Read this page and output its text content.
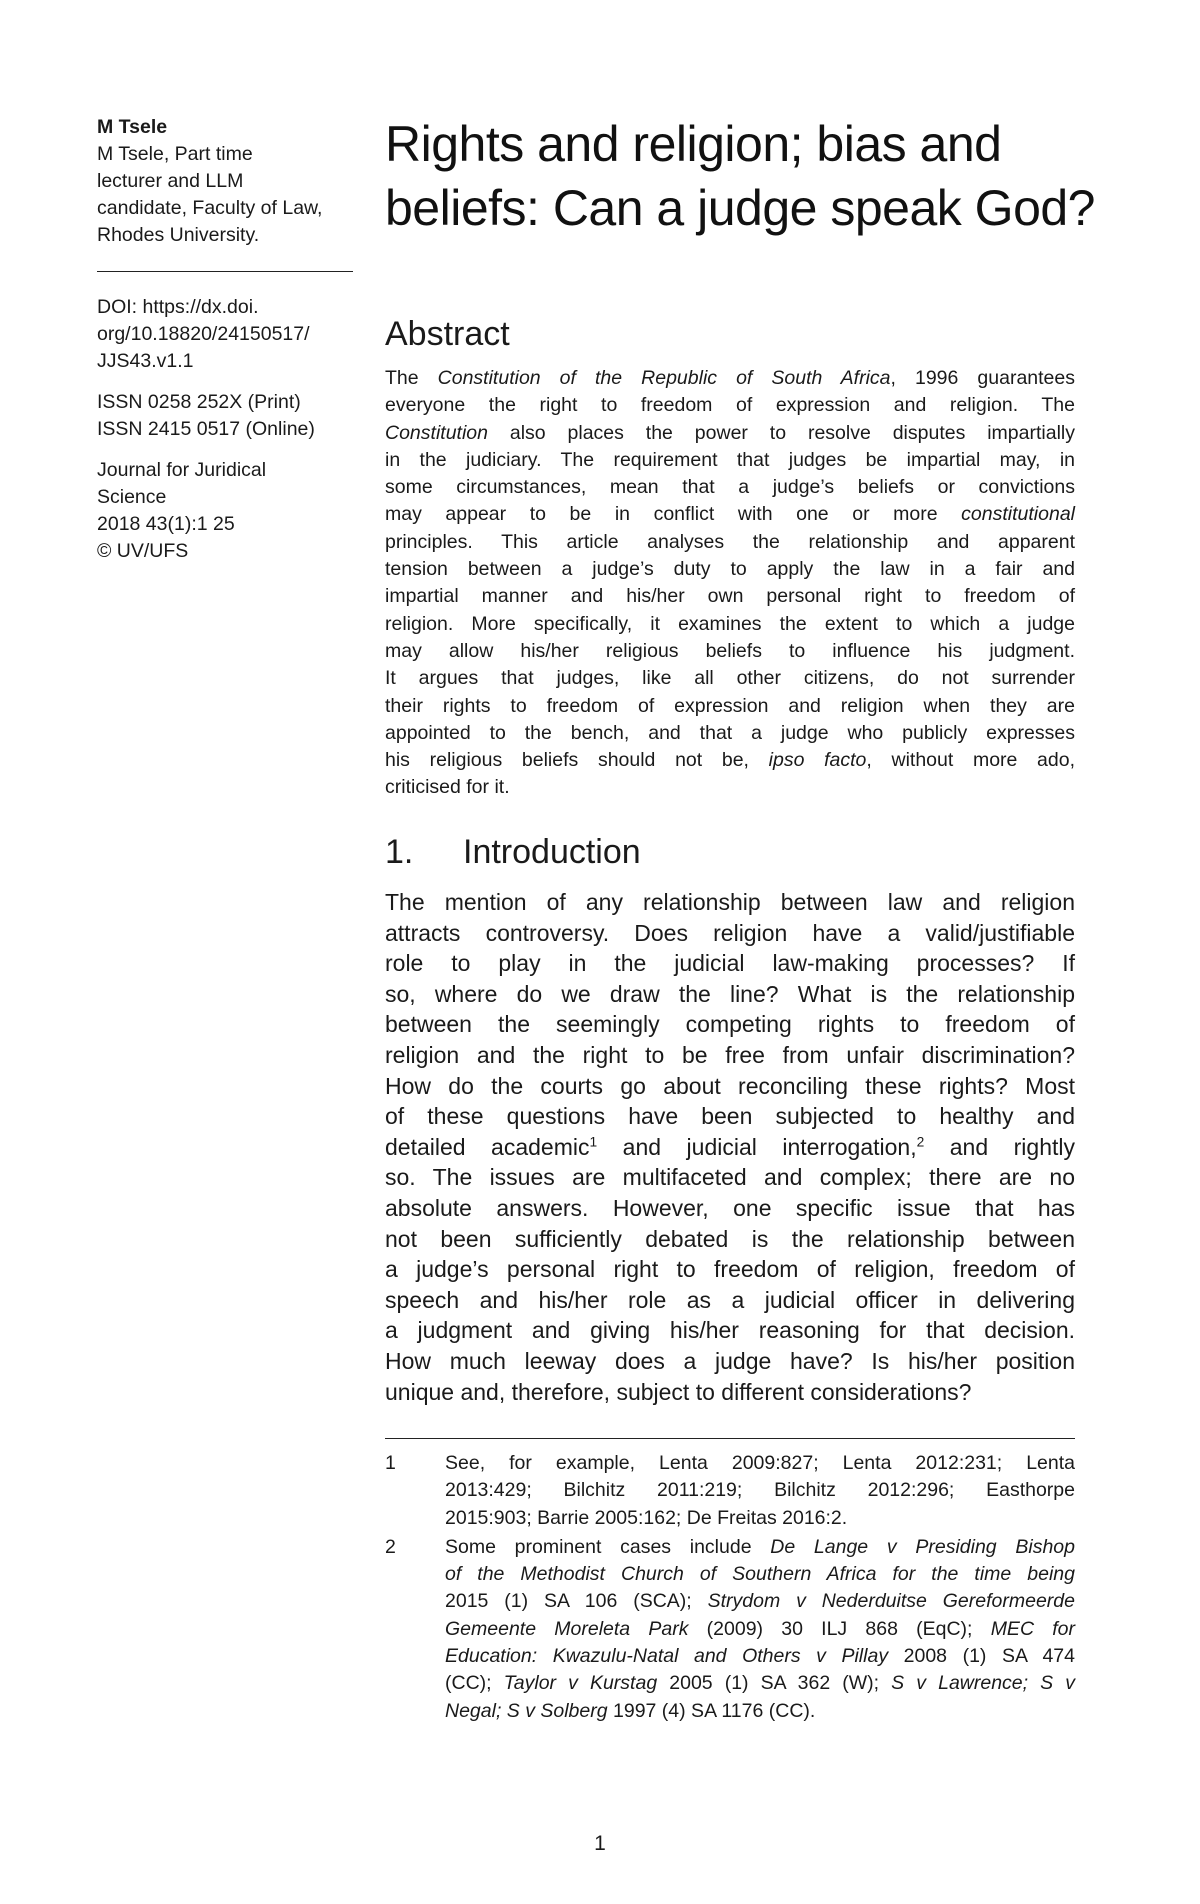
M Tsele
M Tsele, Part time
lecturer and LLM
candidate, Faculty of Law,
Rhodes University.
DOI: https://dx.doi.
org/10.18820/24150517/
JJS43.v1.1
ISSN 0258 252X (Print)
ISSN 2415 0517 (Online)
Journal for Juridical
Science
2018 43(1):1 25
© UV/UFS
Rights and religion; bias and
beliefs: Can a judge speak God?
Abstract
The Constitution of the Republic of South Africa, 1996 guarantees
everyone the right to freedom of expression and religion. The
Constitution also places the power to resolve disputes impartially
in the judiciary. The requirement that judges be impartial may, in
some circumstances, mean that a judge’s beliefs or convictions
may appear to be in conflict with one or more constitutional
principles. This article analyses the relationship and apparent
tension between a judge’s duty to apply the law in a fair and
impartial manner and his/her own personal right to freedom of
religion. More specifically, it examines the extent to which a judge
may allow his/her religious beliefs to influence his judgment.
It argues that judges, like all other citizens, do not surrender
their rights to freedom of expression and religion when they are
appointed to the bench, and that a judge who publicly expresses
his religious beliefs should not be, ipso facto, without more ado,
criticised for it.
1. Introduction
The mention of any relationship between law and religion
attracts controversy. Does religion have a valid/justifiable
role to play in the judicial law-making processes? If
so, where do we draw the line? What is the relationship
between the seemingly competing rights to freedom of
religion and the right to be free from unfair discrimination?
How do the courts go about reconciling these rights? Most
of these questions have been subjected to healthy and
detailed academic$^1$ and judicial interrogation,$^2$ and rightly
so. The issues are multifaceted and complex; there are no
absolute answers. However, one specific issue that has
not been sufficiently debated is the relationship between
a judge’s personal right to freedom of religion, freedom of
speech and his/her role as a judicial officer in delivering
a judgment and giving his/her reasoning for that decision.
How much leeway does a judge have? Is his/her position
unique and, therefore, subject to different considerations?
1	See, for example, Lenta 2009:827; Lenta 2012:231; Lenta
2013:429; Bilchitz 2011:219; Bilchitz 2012:296; Easthorpe
2015:903; Barrie 2005:162; De Freitas 2016:2.
2	Some prominent cases include De Lange v Presiding Bishop
of the Methodist Church of Southern Africa for the time being
2015 (1) SA 106 (SCA); Strydom v Nederduitse Gereformeerde
Gemeente Moreleta Park (2009) 30 ILJ 868 (EqC); MEC for
Education: Kwazulu-Natal and Others v Pillay 2008 (1) SA 474
(CC); Taylor v Kurstag 2005 (1) SA 362 (W); S v Lawrence; S v
Negal; S v Solberg 1997 (4) SA 1176 (CC).
1
